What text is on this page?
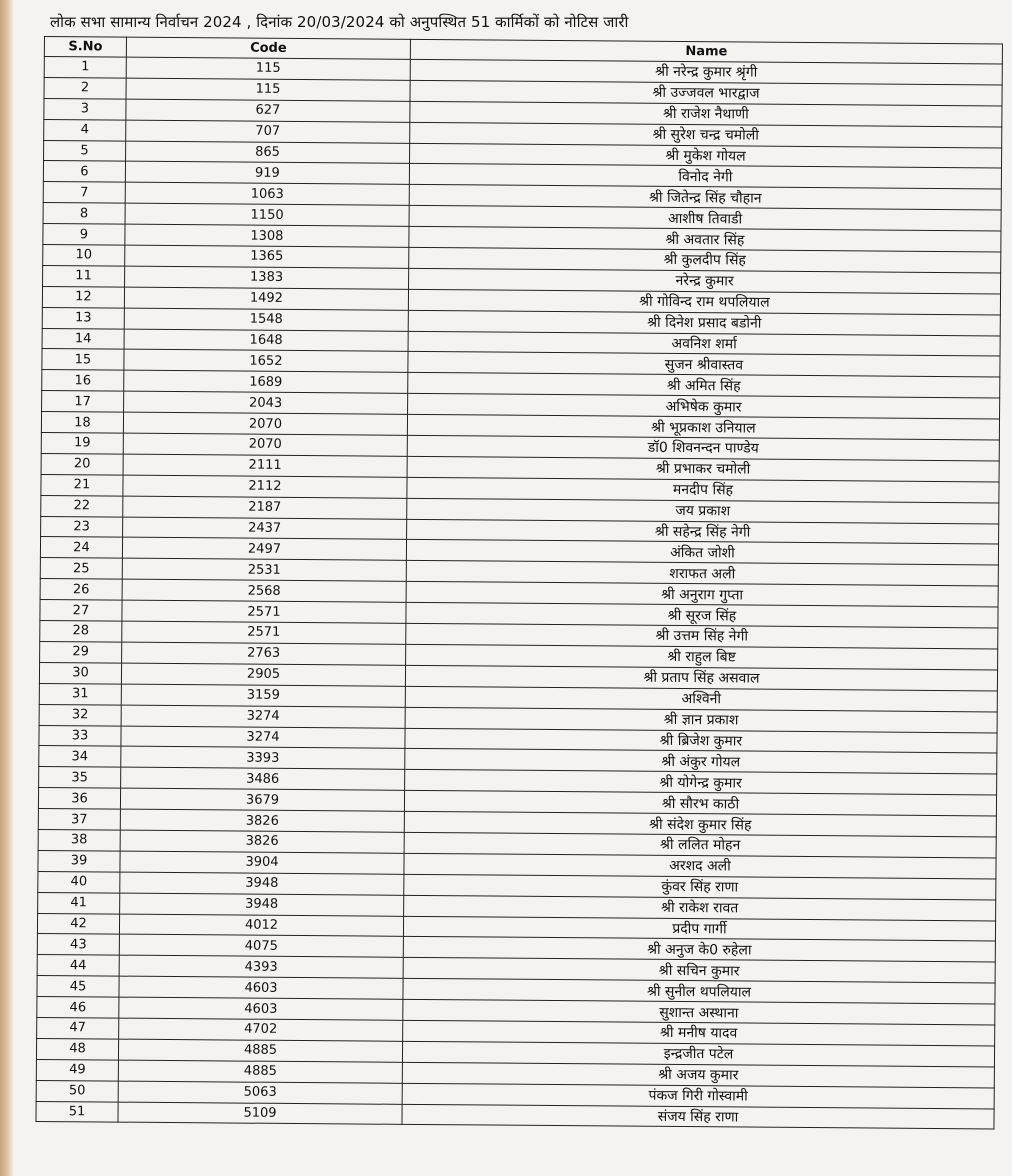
लोक सभा सामान्य निर्वाचन 2024 , दिनांक 20/03/2024 को अनुपस्थित 51 कार्मिकों को नोटिस जारी
S.No	Code	Name
1	115	श्री नरेन्द्र कुमार श्रृंगी
2	115	श्री उज्जवल भारद्वाज
3	627	श्री राजेश नैथाणी
4	707	श्री सुरेश चन्द्र चमोली
5	865	श्री मुकेश गोयल
6	919	विनोद नेगी
7	1063	श्री जितेन्द्र सिंह चौहान
8	1150	आशीष तिवाडी
9	1308	श्री अवतार सिंह
10	1365	श्री कुलदीप सिंह
11	1383	नरेन्द्र कुमार
12	1492	श्री गोविन्द राम थपलियाल
13	1548	श्री दिनेश प्रसाद बडोनी
14	1648	अवनिश शर्मा
15	1652	सुजन श्रीवास्तव
16	1689	श्री अमित सिंह
17	2043	अभिषेक कुमार
18	2070	श्री भूप्रकाश उनियाल
19	2070	डॉ0 शिवनन्दन पाण्डेय
20	2111	श्री प्रभाकर चमोली
21	2112	मनदीप सिंह
22	2187	जय प्रकाश
23	2437	श्री सहेन्द्र सिंह नेगी
24	2497	अंकित जोशी
25	2531	शराफत अली
26	2568	श्री अनुराग गुप्ता
27	2571	श्री सूरज सिंह
28	2571	श्री उत्तम सिंह नेगी
29	2763	श्री राहुल बिष्ट
30	2905	श्री प्रताप सिंह असवाल
31	3159	अश्विनी
32	3274	श्री ज्ञान प्रकाश
33	3274	श्री ब्रिजेश कुमार
34	3393	श्री अंकुर गोयल
35	3486	श्री योगेन्द्र कुमार
36	3679	श्री सौरभ काठी
37	3826	श्री संदेश कुमार सिंह
38	3826	श्री ललित मोहन
39	3904	अरशद अली
40	3948	कुंवर सिंह राणा
41	3948	श्री राकेश रावत
42	4012	प्रदीप गार्गी
43	4075	श्री अनुज के0 रुहेला
44	4393	श्री सचिन कुमार
45	4603	श्री सुनील थपलियाल
46	4603	सुशान्त अस्थाना
47	4702	श्री मनीष यादव
48	4885	इन्द्रजीत पटेल
49	4885	श्री अजय कुमार
50	5063	पंकज गिरी गोस्वामी
51	5109	संजय सिंह राणा
